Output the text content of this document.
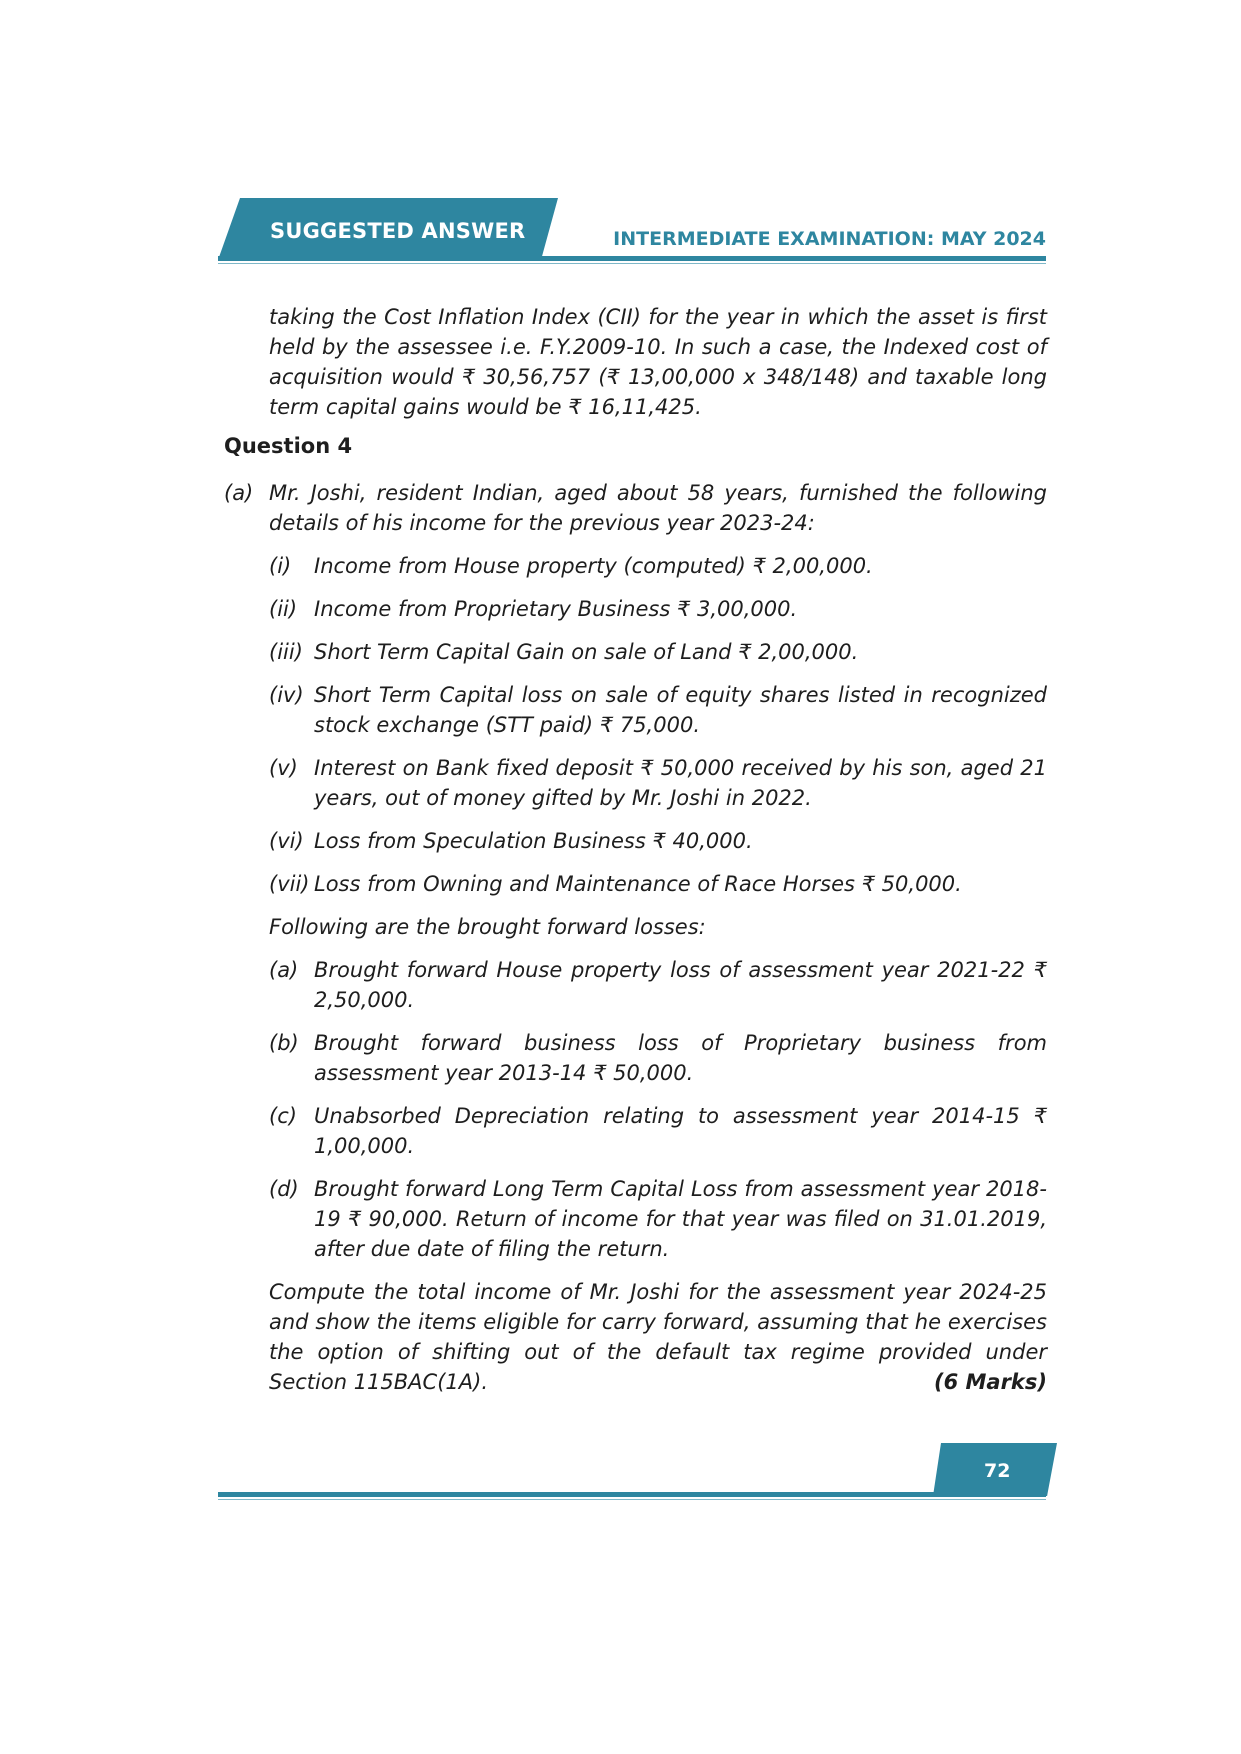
SUGGESTED ANSWER	INTERMEDIATE EXAMINATION: MAY 2024
taking the Cost Inflation Index (CII) for the year in which the asset is first held by the assessee i.e. F.Y.2009-10. In such a case, the Indexed cost of acquisition would ₹ 30,56,757 (₹ 13,00,000 x 348/148) and taxable long term capital gains would be ₹ 16,11,425.
Question 4
(a) Mr. Joshi, resident Indian, aged about 58 years, furnished the following details of his income for the previous year 2023-24:
(i)	Income from House property (computed) ₹ 2,00,000.
(ii) Income from Proprietary Business ₹ 3,00,000.
(iii) Short Term Capital Gain on sale of Land ₹ 2,00,000.
(iv) Short Term Capital loss on sale of equity shares listed in recognized stock exchange (STT paid) ₹ 75,000.
(v) Interest on Bank fixed deposit ₹ 50,000 received by his son, aged 21 years, out of money gifted by Mr. Joshi in 2022.
(vi) Loss from Speculation Business ₹ 40,000.
(vii) Loss from Owning and Maintenance of Race Horses ₹ 50,000.
Following are the brought forward losses:
(a) Brought forward House property loss of assessment year 2021-22 ₹ 2,50,000.
(b) Brought forward business loss of Proprietary business from assessment year 2013-14 ₹ 50,000.
(c) Unabsorbed Depreciation relating to assessment year 2014-15 ₹ 1,00,000.
(d) Brought forward Long Term Capital Loss from assessment year 2018-19 ₹ 90,000. Return of income for that year was filed on 31.01.2019, after due date of filing the return.
Compute the total income of Mr. Joshi for the assessment year 2024-25 and show the items eligible for carry forward, assuming that he exercises the option of shifting out of the default tax regime provided under Section 115BAC(1A).	(6 Marks)
72
